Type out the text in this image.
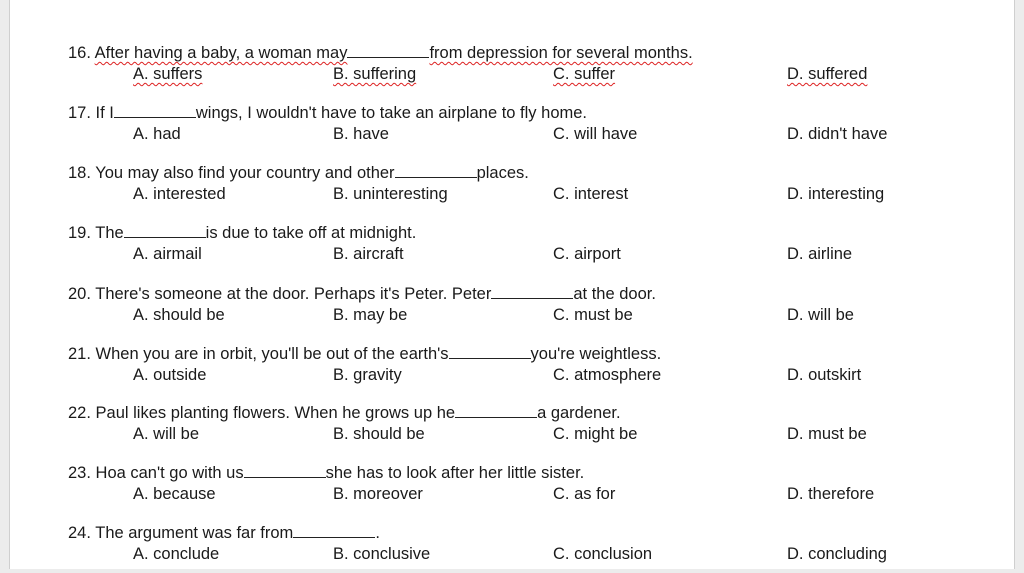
16. After having a baby, a woman may	from depression for several months.
A. suffers	B. suffering	C. suffer	D. suffered
17. If I	wings, I wouldn't have to take an airplane to fly home.
A. had	B. have	C. will have	D. didn't have
18. You may also find your country and other	places.
A. interested	B. uninteresting	C. interest	D. interesting
19. The	is due to take off at midnight.
A. airmail	B. aircraft	C. airport	D. airline
20. There's someone at the door. Perhaps it's Peter. Peter	at the door.
A. should be	B. may be	C. must be	D. will be
21. When you are in orbit, you'll be out of the earth's	you're weightless.
A. outside	B. gravity	C. atmosphere	D. outskirt
22. Paul likes planting flowers. When he grows up he	a gardener.
A. will be	B. should be	C. might be	D. must be
23. Hoa can't go with us	she has to look after her little sister.
A. because	B. moreover	C. as for	D. therefore
24. The argument was far from	.
A. conclude	B. conclusive	C. conclusion	D. concluding
